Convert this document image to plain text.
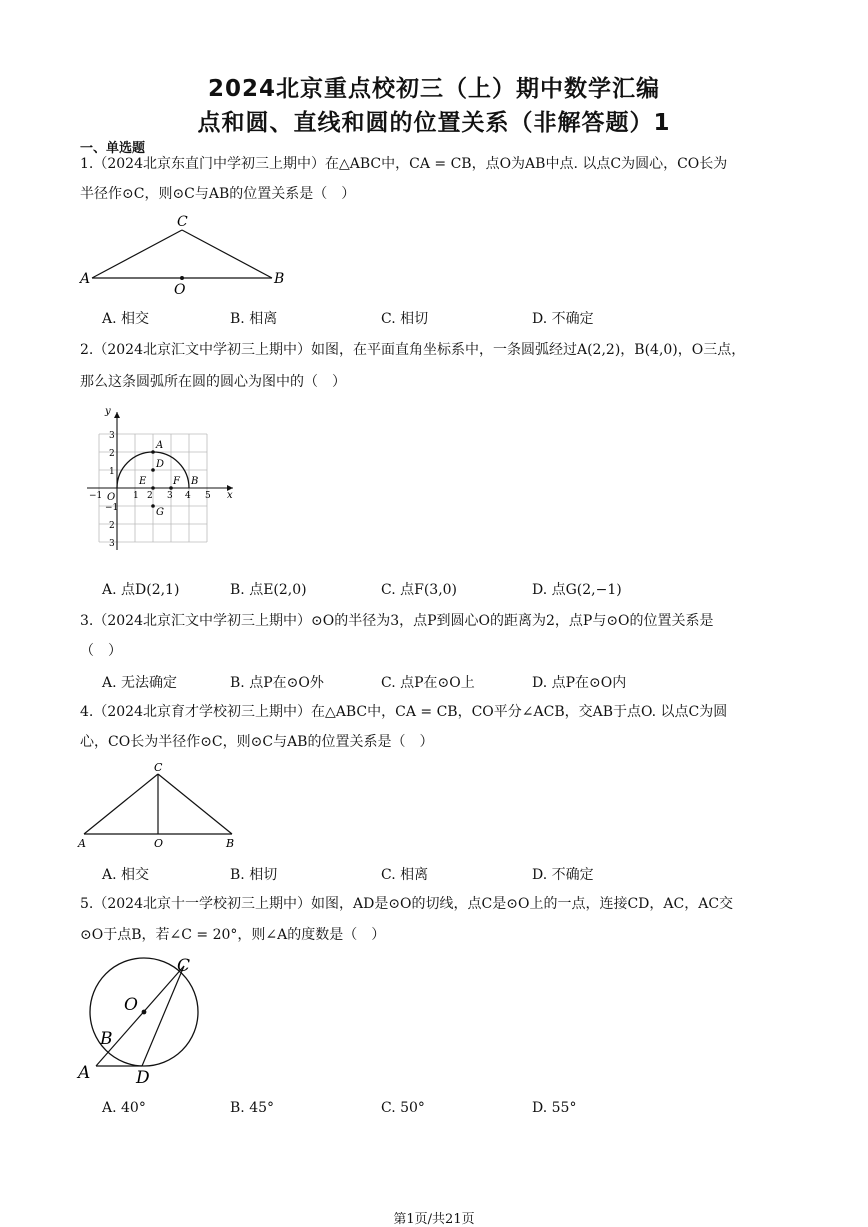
2024北京重点校初三（上）期中数学汇编
点和圆、直线和圆的位置关系（非解答题）1
一、单选题
1.（2024北京东直门中学初三上期中）在△ABC中，CA = CB，点O为AB中点. 以点C为圆心，CO长为
半径作⊙C，则⊙C与AB的位置关系是（　）
C
A	B
O
A. 相交	B. 相离	C. 相切	D. 不确定
2.（2024北京汇文中学初三上期中）如图，在平面直角坐标系中，一条圆弧经过A(2,2)，B(4,0)，O三点，
那么这条圆弧所在圆的圆心为图中的（　）
y
x
O
A
D
E	F B
G
−1	1 2 3 4 5
3
2
1
−1
2
3
A. 点D(2,1)	B. 点E(2,0)	C. 点F(3,0)	D. 点G(2,−1)
3.（2024北京汇文中学初三上期中）⊙O的半径为3，点P到圆心O的距离为2，点P与⊙O的位置关系是
（　）
A. 无法确定	B. 点P在⊙O外	C. 点P在⊙O上	D. 点P在⊙O内
4.（2024北京育才学校初三上期中）在△ABC中，CA = CB，CO平分∠ACB，交AB于点O. 以点C为圆
心，CO长为半径作⊙C，则⊙C与AB的位置关系是（　）
C
A	O	B
A. 相交	B. 相切	C. 相离	D. 不确定
5.（2024北京十一学校初三上期中）如图，AD是⊙O的切线，点C是⊙O上的一点，连接CD，AC，AC交
⊙O于点B，若∠C = 20°，则∠A的度数是（　）
C
O
B
A	D
A. 40°	B. 45°	C. 50°	D. 55°
第1页/共21页
